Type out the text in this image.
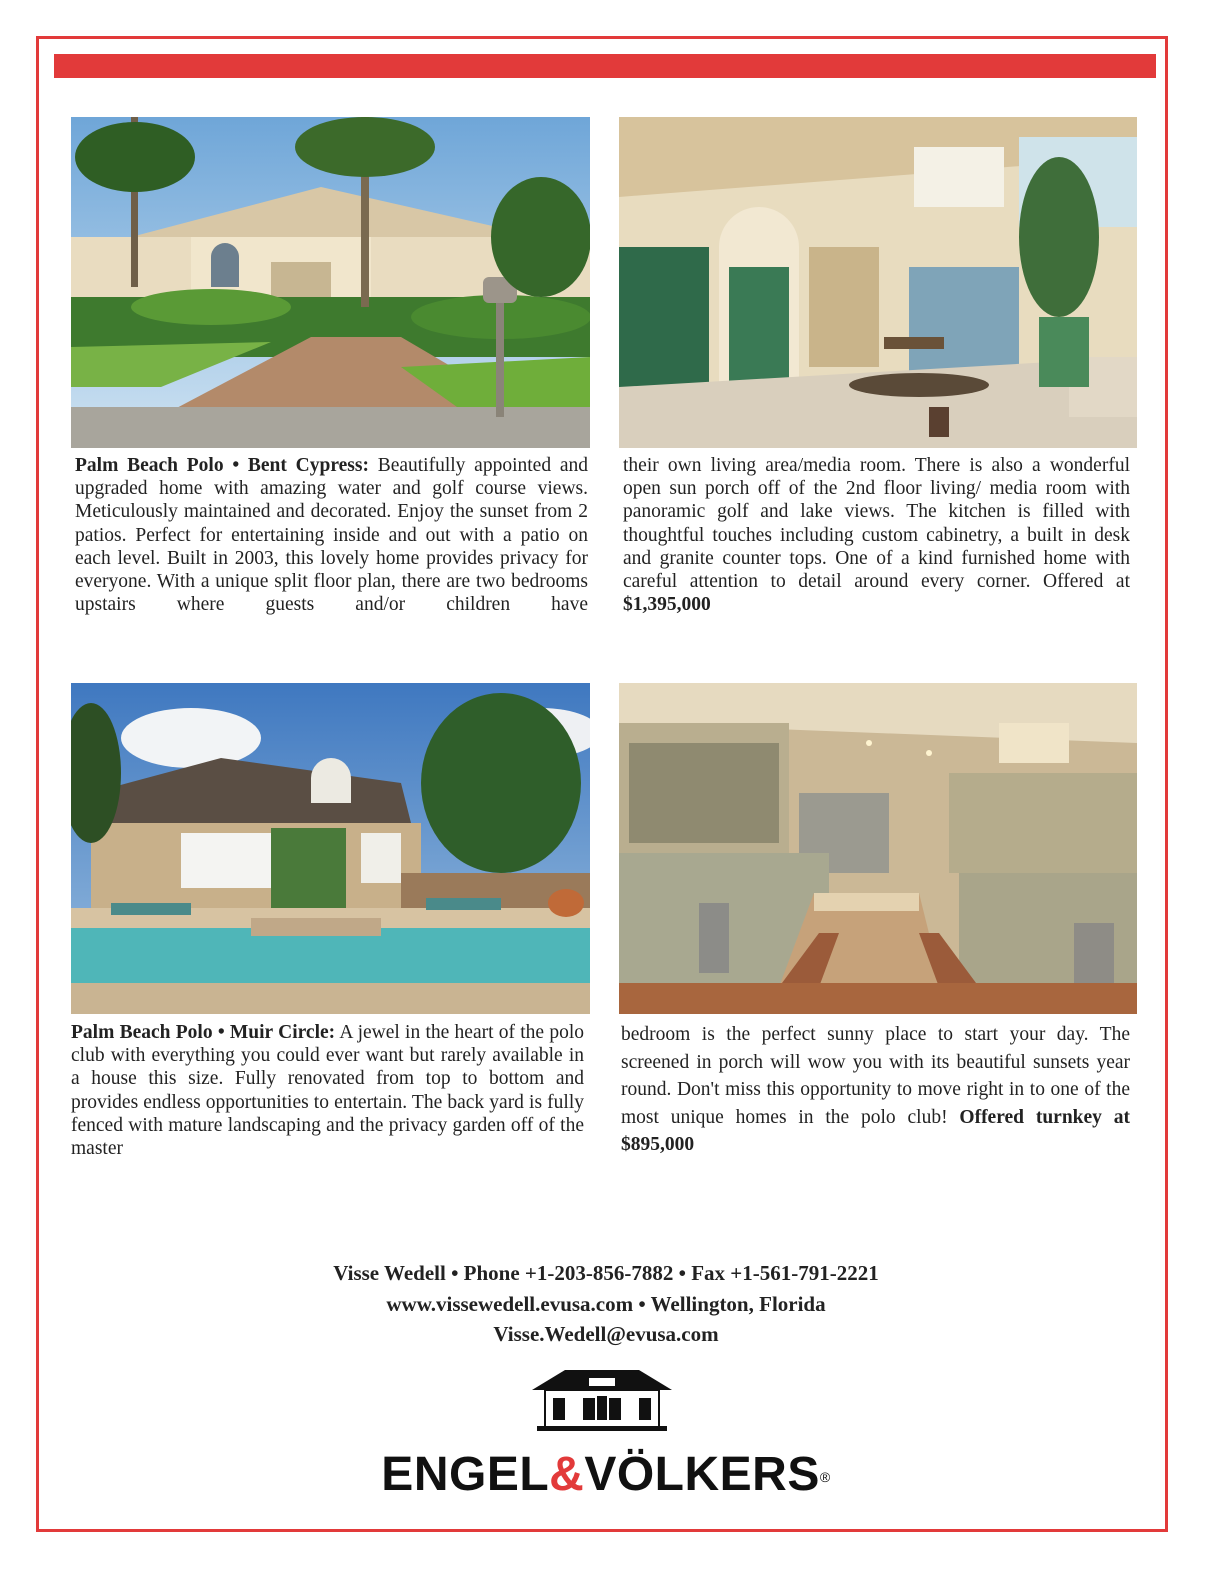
Palm Beach Polo • Bent Cypress: Beautifully appointed and upgraded home with amazing water and golf course views. Meticulously maintained and decorated. Enjoy the sunset from 2 patios. Perfect for entertaining inside and out with a patio on each level. Built in 2003, this lovely home provides privacy for everyone. With a unique split floor plan, there are two bedrooms upstairs where guests and/or children have

their own living area/media room. There is also a wonderful open sun porch off of the 2nd floor living/ media room with panoramic golf and lake views. The kitchen is filled with thoughtful touches including custom cabinetry, a built in desk and granite counter tops. One of a kind furnished home with careful attention to detail around every corner. Offered at $1,395,000

Palm Beach Polo • Muir Circle: A jewel in the heart of the polo club with everything you could ever want but rarely available in a house this size. Fully renovated from top to bottom and provides endless opportunities to entertain. The back yard is fully fenced with mature landscaping and the privacy garden off of the master

bedroom is the perfect sunny place to start your day. The screened in porch will wow you with its beautiful sunsets year round. Don't miss this opportunity to move right in to one of the most unique homes in the polo club! Offered turnkey at $895,000

Visse Wedell • Phone +1-203-856-7882 • Fax +1-561-791-2221
www.vissewedell.evusa.com • Wellington, Florida
Visse.Wedell@evusa.com
ENGEL&VÖLKERS®
